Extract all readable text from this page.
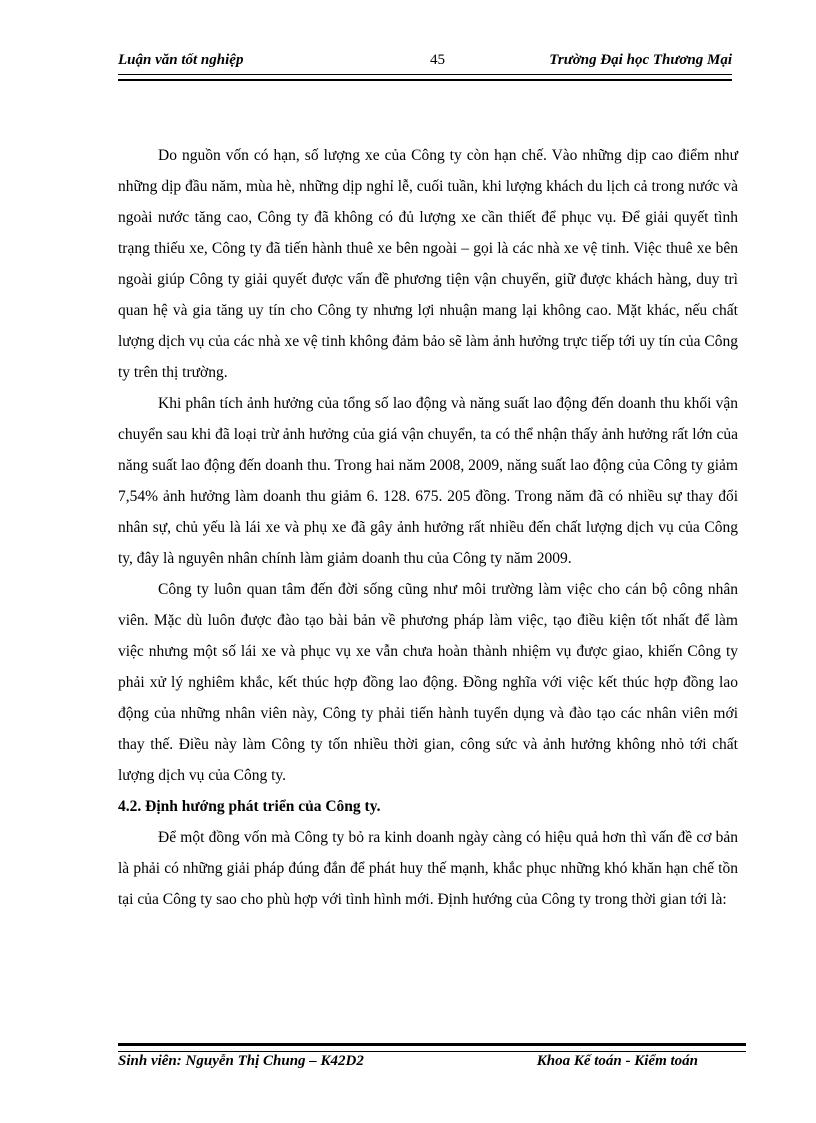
Luận văn tốt nghiệp	45	Trường Đại học Thương Mại

Do nguồn vốn có hạn, số lượng xe của Công ty còn hạn chế. Vào những dịp cao điểm như những dịp đầu năm, mùa hè, những dịp nghỉ lễ, cuối tuần, khi lượng khách du lịch cả trong nước và ngoài nước tăng cao, Công ty đã không có đủ lượng xe cần thiết để phục vụ. Để giải quyết tình trạng thiếu xe, Công ty đã tiến hành thuê xe bên ngoài – gọi là các nhà xe vệ tinh. Việc thuê xe bên ngoài giúp Công ty giải quyết được vấn đề phương tiện vận chuyển, giữ được khách hàng, duy trì quan hệ và gia tăng uy tín cho Công ty nhưng lợi nhuận mang lại không cao. Mặt khác, nếu chất lượng dịch vụ của các nhà xe vệ tinh không đảm bảo sẽ làm ảnh hưởng trực tiếp tới uy tín của Công ty trên thị trường.

Khi phân tích ảnh hưởng của tổng số lao động và năng suất lao động đến doanh thu khối vận chuyển sau khi đã loại trừ ảnh hưởng của giá vận chuyển, ta có thể nhận thấy ảnh hưởng rất lớn của năng suất lao động đến doanh thu. Trong hai năm 2008, 2009, năng suất lao động của Công ty giảm 7,54% ảnh hưởng làm doanh thu giảm 6. 128. 675. 205 đồng. Trong năm đã có nhiều sự thay đổi nhân sự, chủ yếu là lái xe và phụ xe đã gây ảnh hưởng rất nhiều đến chất lượng dịch vụ của Công ty, đây là nguyên nhân chính làm giảm doanh thu của Công ty năm 2009.

Công ty luôn quan tâm đến đời sống cũng như môi trường làm việc cho cán bộ công nhân viên. Mặc dù luôn được đào tạo bài bản về phương pháp làm việc, tạo điều kiện tốt nhất để làm việc nhưng một số lái xe và phục vụ xe vẫn chưa hoàn thành nhiệm vụ được giao, khiến Công ty phải xử lý nghiêm khắc, kết thúc hợp đồng lao động. Đồng nghĩa với việc kết thúc hợp đồng lao động của những nhân viên này, Công ty phải tiến hành tuyển dụng và đào tạo các nhân viên mới thay thế. Điều này làm Công ty tốn nhiều thời gian, công sức và ảnh hưởng không nhỏ tới chất lượng dịch vụ của Công ty.

4.2. Định hướng phát triển của Công ty.

Để một đồng vốn mà Công ty bỏ ra kinh doanh ngày càng có hiệu quả hơn thì vấn đề cơ bản là phải có những giải pháp đúng đắn để phát huy thế mạnh, khắc phục những khó khăn hạn chế tồn tại của Công ty sao cho phù hợp với tình hình mới. Định hướng của Công ty trong thời gian tới là:

Sinh viên: Nguyễn Thị Chung – K42D2	Khoa Kế toán - Kiểm toán
